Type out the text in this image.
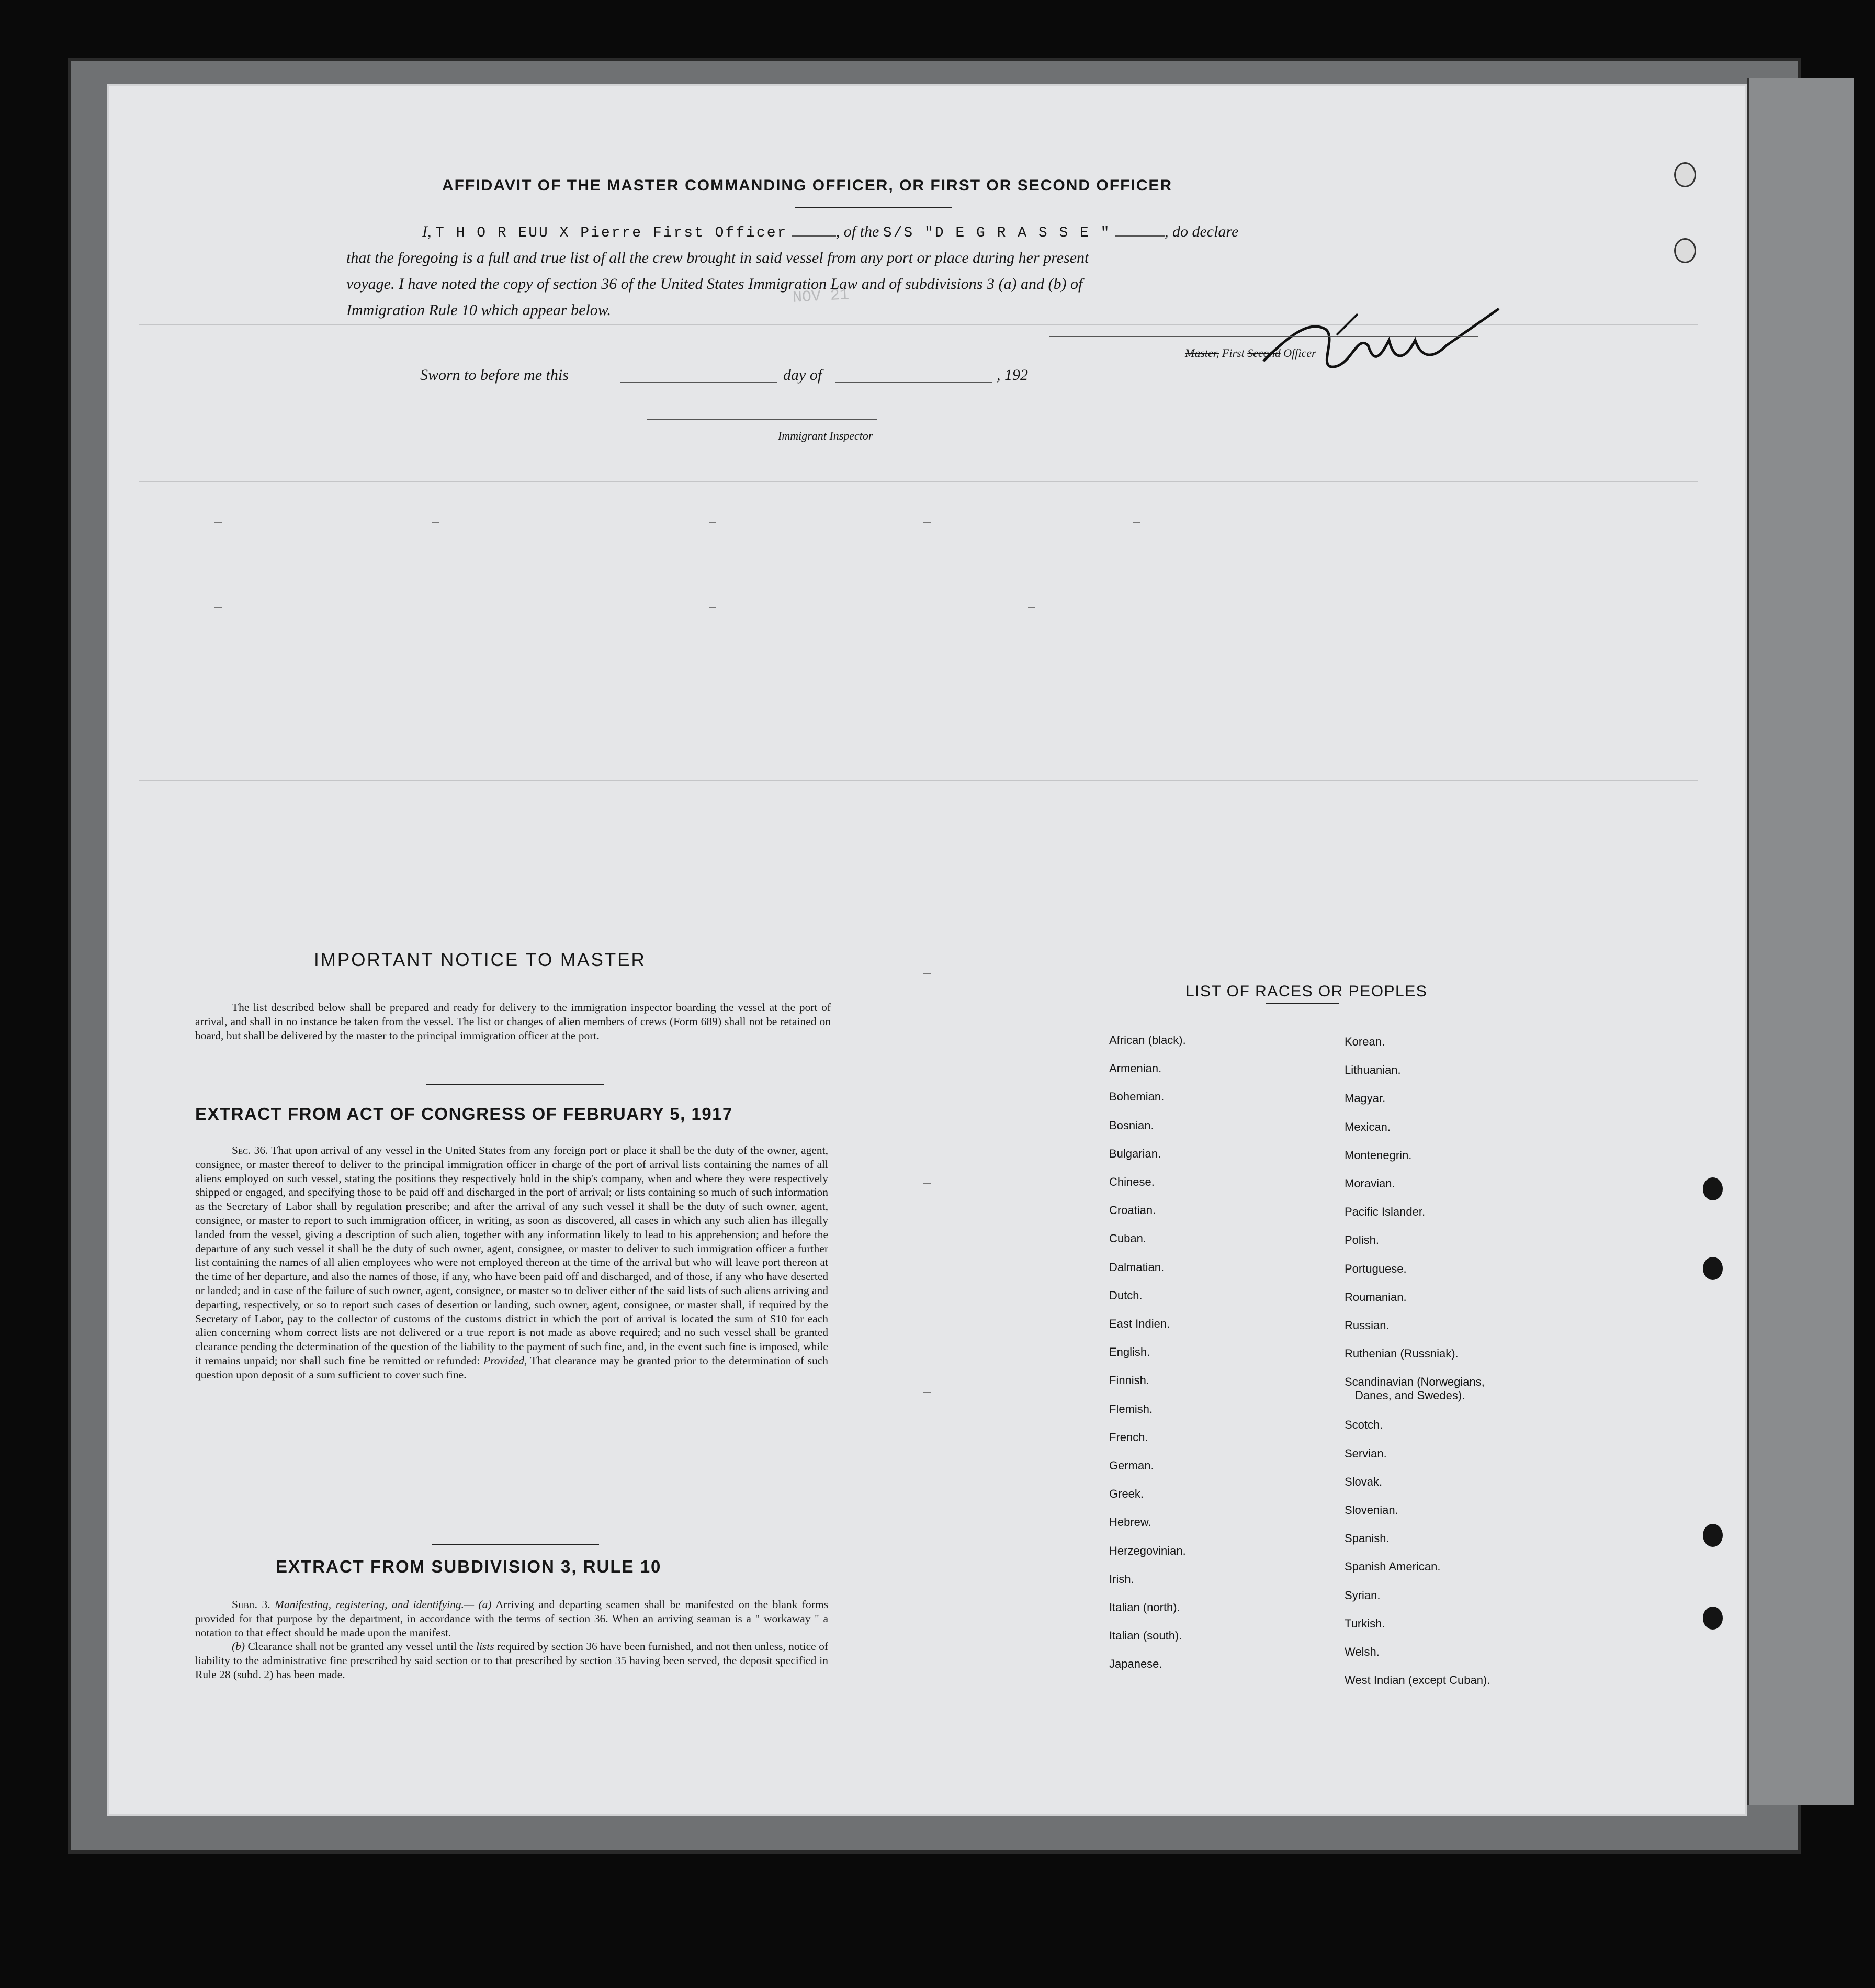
NOV 21
AFFIDAVIT OF THE MASTER COMMANDING OFFICER, OR FIRST OR SECOND OFFICER
I, T H O R EUU X Pierre First Officer	, of the S/S "D E G R A S S E "	, do declare
that the foregoing is a full and true list of all the crew brought in said vessel from any port or place during her present
voyage. I have noted the copy of section 36 of the United States Immigration Law and of subdivisions 3 (a) and (b) of
Immigration Rule 10 which appear below.
Master, First Second Officer
Sworn to before me this	day of	, 192
Immigrant Inspector
IMPORTANT NOTICE TO MASTER
The list described below shall be prepared and ready for delivery to the immigration inspector boarding the vessel at the port of arrival, and shall in no instance be taken from the vessel. The list or changes of alien members of crews (Form 689) shall not be retained on board, but shall be delivered by the master to the principal immigration officer at the port.
EXTRACT FROM ACT OF CONGRESS OF FEBRUARY 5, 1917
Sec. 36. That upon arrival of any vessel in the United States from any foreign port or place it shall be the duty of the owner, agent, consignee, or master thereof to deliver to the principal immigration officer in charge of the port of arrival lists containing the names of all aliens employed on such vessel, stating the positions they respectively hold in the ship's company, when and where they were respectively shipped or engaged, and specifying those to be paid off and discharged in the port of arrival; or lists containing so much of such information as the Secretary of Labor shall by regulation prescribe; and after the arrival of any such vessel it shall be the duty of such owner, agent, consignee, or master to report to such immigration officer, in writing, as soon as discovered, all cases in which any such alien has illegally landed from the vessel, giving a description of such alien, together with any information likely to lead to his apprehension; and before the departure of any such vessel it shall be the duty of such owner, agent, consignee, or master to deliver to such immigration officer a further list containing the names of all alien employees who were not employed thereon at the time of the arrival but who will leave port thereon at the time of her departure, and also the names of those, if any, who have been paid off and discharged, and of those, if any who have deserted or landed; and in case of the failure of such owner, agent, consignee, or master so to deliver either of the said lists of such aliens arriving and departing, respectively, or so to report such cases of desertion or landing, such owner, agent, consignee, or master shall, if required by the Secretary of Labor, pay to the collector of customs of the customs district in which the port of arrival is located the sum of $10 for each alien concerning whom correct lists are not delivered or a true report is not made as above required; and no such vessel shall be granted clearance pending the determination of the question of the liability to the payment of such fine, and, in the event such fine is imposed, while it remains unpaid; nor shall such fine be remitted or refunded: Provided, That clearance may be granted prior to the determination of such question upon deposit of a sum sufficient to cover such fine.
EXTRACT FROM SUBDIVISION 3, RULE 10
Subd. 3. Manifesting, registering, and identifying.— (a) Arriving and departing seamen shall be manifested on the blank forms provided for that purpose by the department, in accordance with the terms of section 36. When an arriving seaman is a " workaway " a notation to that effect should be made upon the manifest.
(b) Clearance shall not be granted any vessel until the lists required by section 36 have been furnished, and not then unless, notice of liability to the administrative fine prescribed by said section or to that prescribed by section 35 having been served, the deposit specified in Rule 28 (subd. 2) has been made.
LIST OF RACES OR PEOPLES
African (black).
Armenian.
Bohemian.
Bosnian.
Bulgarian.
Chinese.
Croatian.
Cuban.
Dalmatian.
Dutch.
East Indien.
English.
Finnish.
Flemish.
French.
German.
Greek.
Hebrew.
Herzegovinian.
Irish.
Italian (north).
Italian (south).
Japanese.
Korean.
Lithuanian.
Magyar.
Mexican.
Montenegrin.
Moravian.
Pacific Islander.
Polish.
Portuguese.
Roumanian.
Russian.
Ruthenian (Russniak).
Scandinavian (Norwegians,
Danes, and Swedes).
Scotch.
Servian.
Slovak.
Slovenian.
Spanish.
Spanish American.
Syrian.
Turkish.
Welsh.
West Indian (except Cuban).
